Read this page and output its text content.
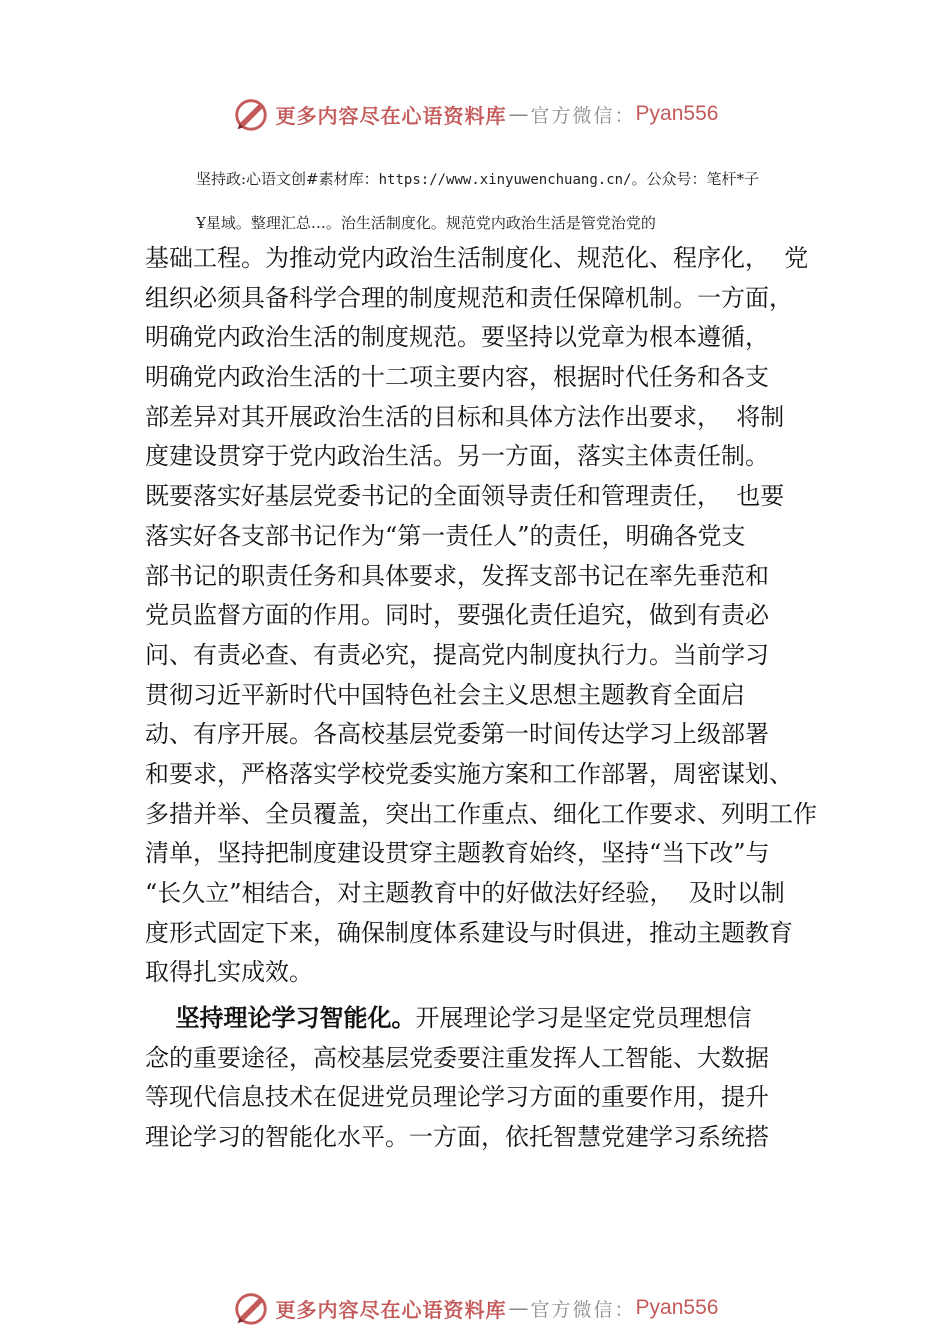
更多内容尽在心语资料库 — 官方微信： Pyan556
坚持政:心语文创#素材库：https://www.xinyuwenchuang.cn/。公众号：笔杆*子
Ұ星域。整理汇总…。治生活制度化。规范党内政治生活是管党治党的
基础工程。为推动党内政治生活制度化、规范化、程序化，  党
组织必须具备科学合理的制度规范和责任保障机制。一方面，
明确党内政治生活的制度规范。要坚持以党章为根本遵循，
明确党内政治生活的十二项主要内容，根据时代任务和各支
部差异对其开展政治生活的目标和具体方法作出要求，  将制
度建设贯穿于党内政治生活。另一方面，落实主体责任制。
既要落实好基层党委书记的全面领导责任和管理责任，  也要
落实好各支部书记作为“第一责任人”的责任，明确各党支
部书记的职责任务和具体要求，发挥支部书记在率先垂范和
党员监督方面的作用。同时，要强化责任追究，做到有责必
问、有责必查、有责必究，提高党内制度执行力。当前学习
贯彻习近平新时代中国特色社会主义思想主题教育全面启
动、有序开展。各高校基层党委第一时间传达学习上级部署
和要求，严格落实学校党委实施方案和工作部署，周密谋划、
多措并举、全员覆盖，突出工作重点、细化工作要求、列明工作
清单，坚持把制度建设贯穿主题教育始终，坚持“当下改”与
“长久立”相结合，对主题教育中的好做法好经验，  及时以制
度形式固定下来，确保制度体系建设与时俱进，推动主题教育
取得扎实成效。
坚持理论学习智能化。开展理论学习是坚定党员理想信
念的重要途径，高校基层党委要注重发挥人工智能、大数据
等现代信息技术在促进党员理论学习方面的重要作用，提升
理论学习的智能化水平。一方面，依托智慧党建学习系统搭
更多内容尽在心语资料库 — 官方微信： Pyan556
